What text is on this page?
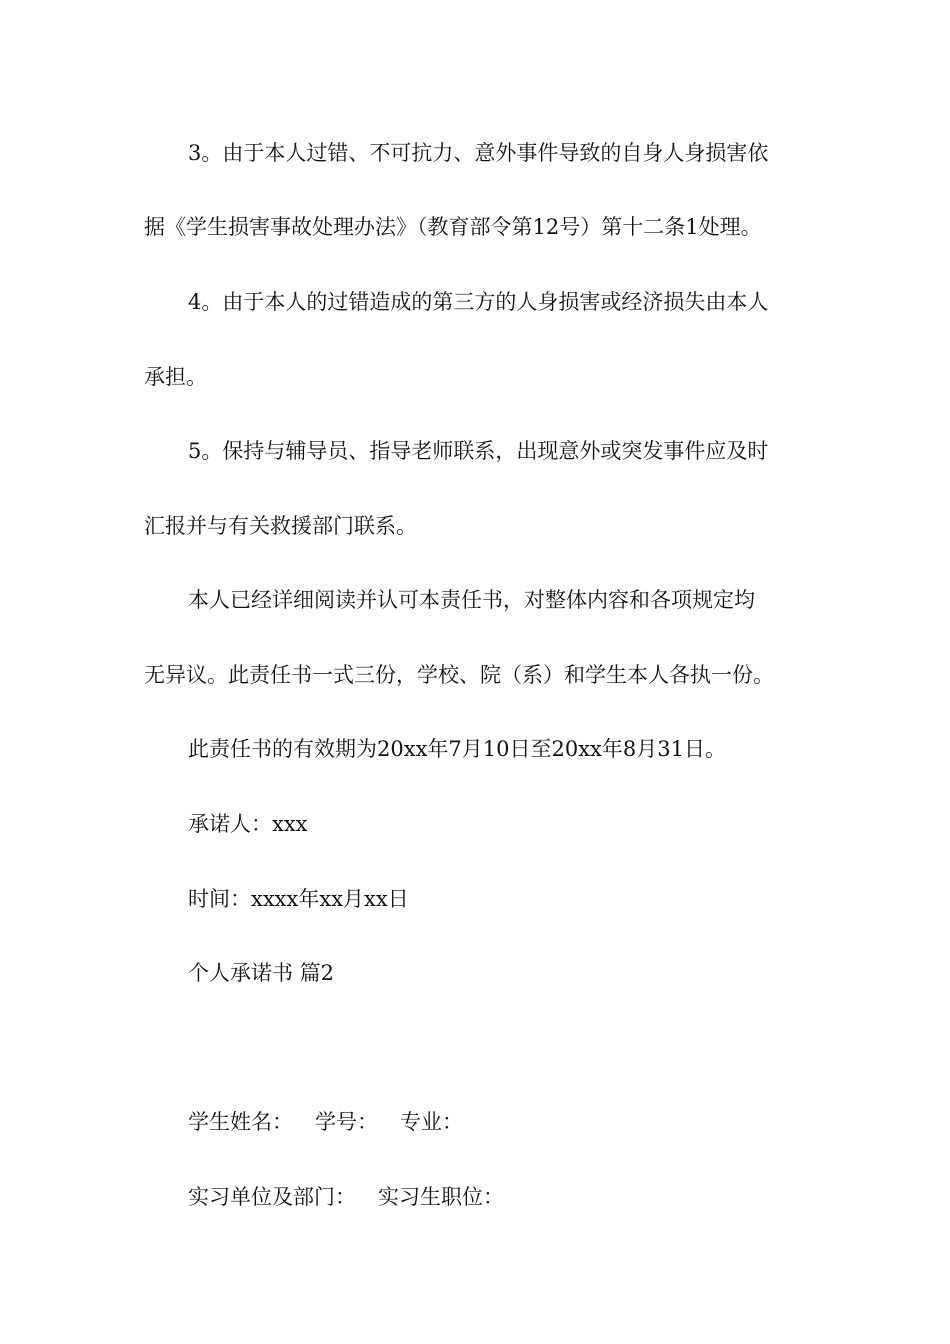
3。由于本人过错、不可抗力、意外事件导致的自身人身损害依
据《学生损害事故处理办法》（教育部令第12号）第十二条1处理。
4。由于本人的过错造成的第三方的人身损害或经济损失由本人
承担。
5。保持与辅导员、指导老师联系，出现意外或突发事件应及时
汇报并与有关救援部门联系。
本人已经详细阅读并认可本责任书，对整体内容和各项规定均
无异议。此责任书一式三份，学校、院（系）和学生本人各执一份。
此责任书的有效期为20xx年7月10日至20xx年8月31日。
承诺人：xxx
时间：xxxx年xx月xx日
个人承诺书 篇2
学生姓名： 学号： 专业：
实习单位及部门： 实习生职位：
